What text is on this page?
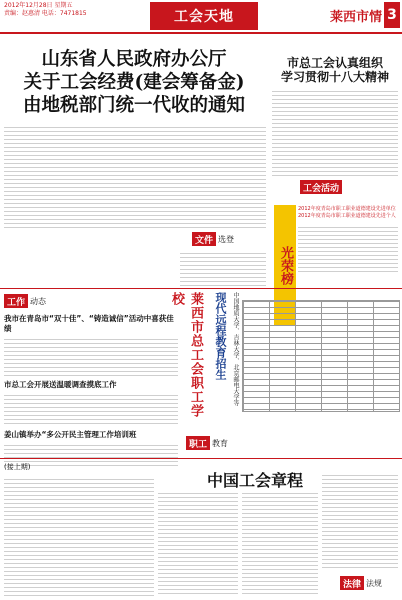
2012年12月28日 星期五
责编：赵惠清 电话：7471815	工会天地	莱西市情 3
山东省人民政府办公厅
关于工会经费(建会筹备金)
由地税部门统一代收的通知
市总工会认真组织
学习贯彻十八大精神
工会活动
光荣榜
2012年度青岛市职工职业道德建设先进单位
2012年度青岛市职工职业道德建设先进个人
文件 选登
工作 动态
我市在青岛市“双十佳”、“铸造诚信”活动中喜获佳绩
市总工会开展送温暖调查摸底工作
姜山镇举办“多公开民主管理工作培训班
莱西市总工会职工学校	现代远程教育招生 中国地质大学、吉林大学、北京邮电大学等
职工 教育
(接上期)
中国工会章程
法律 法规
